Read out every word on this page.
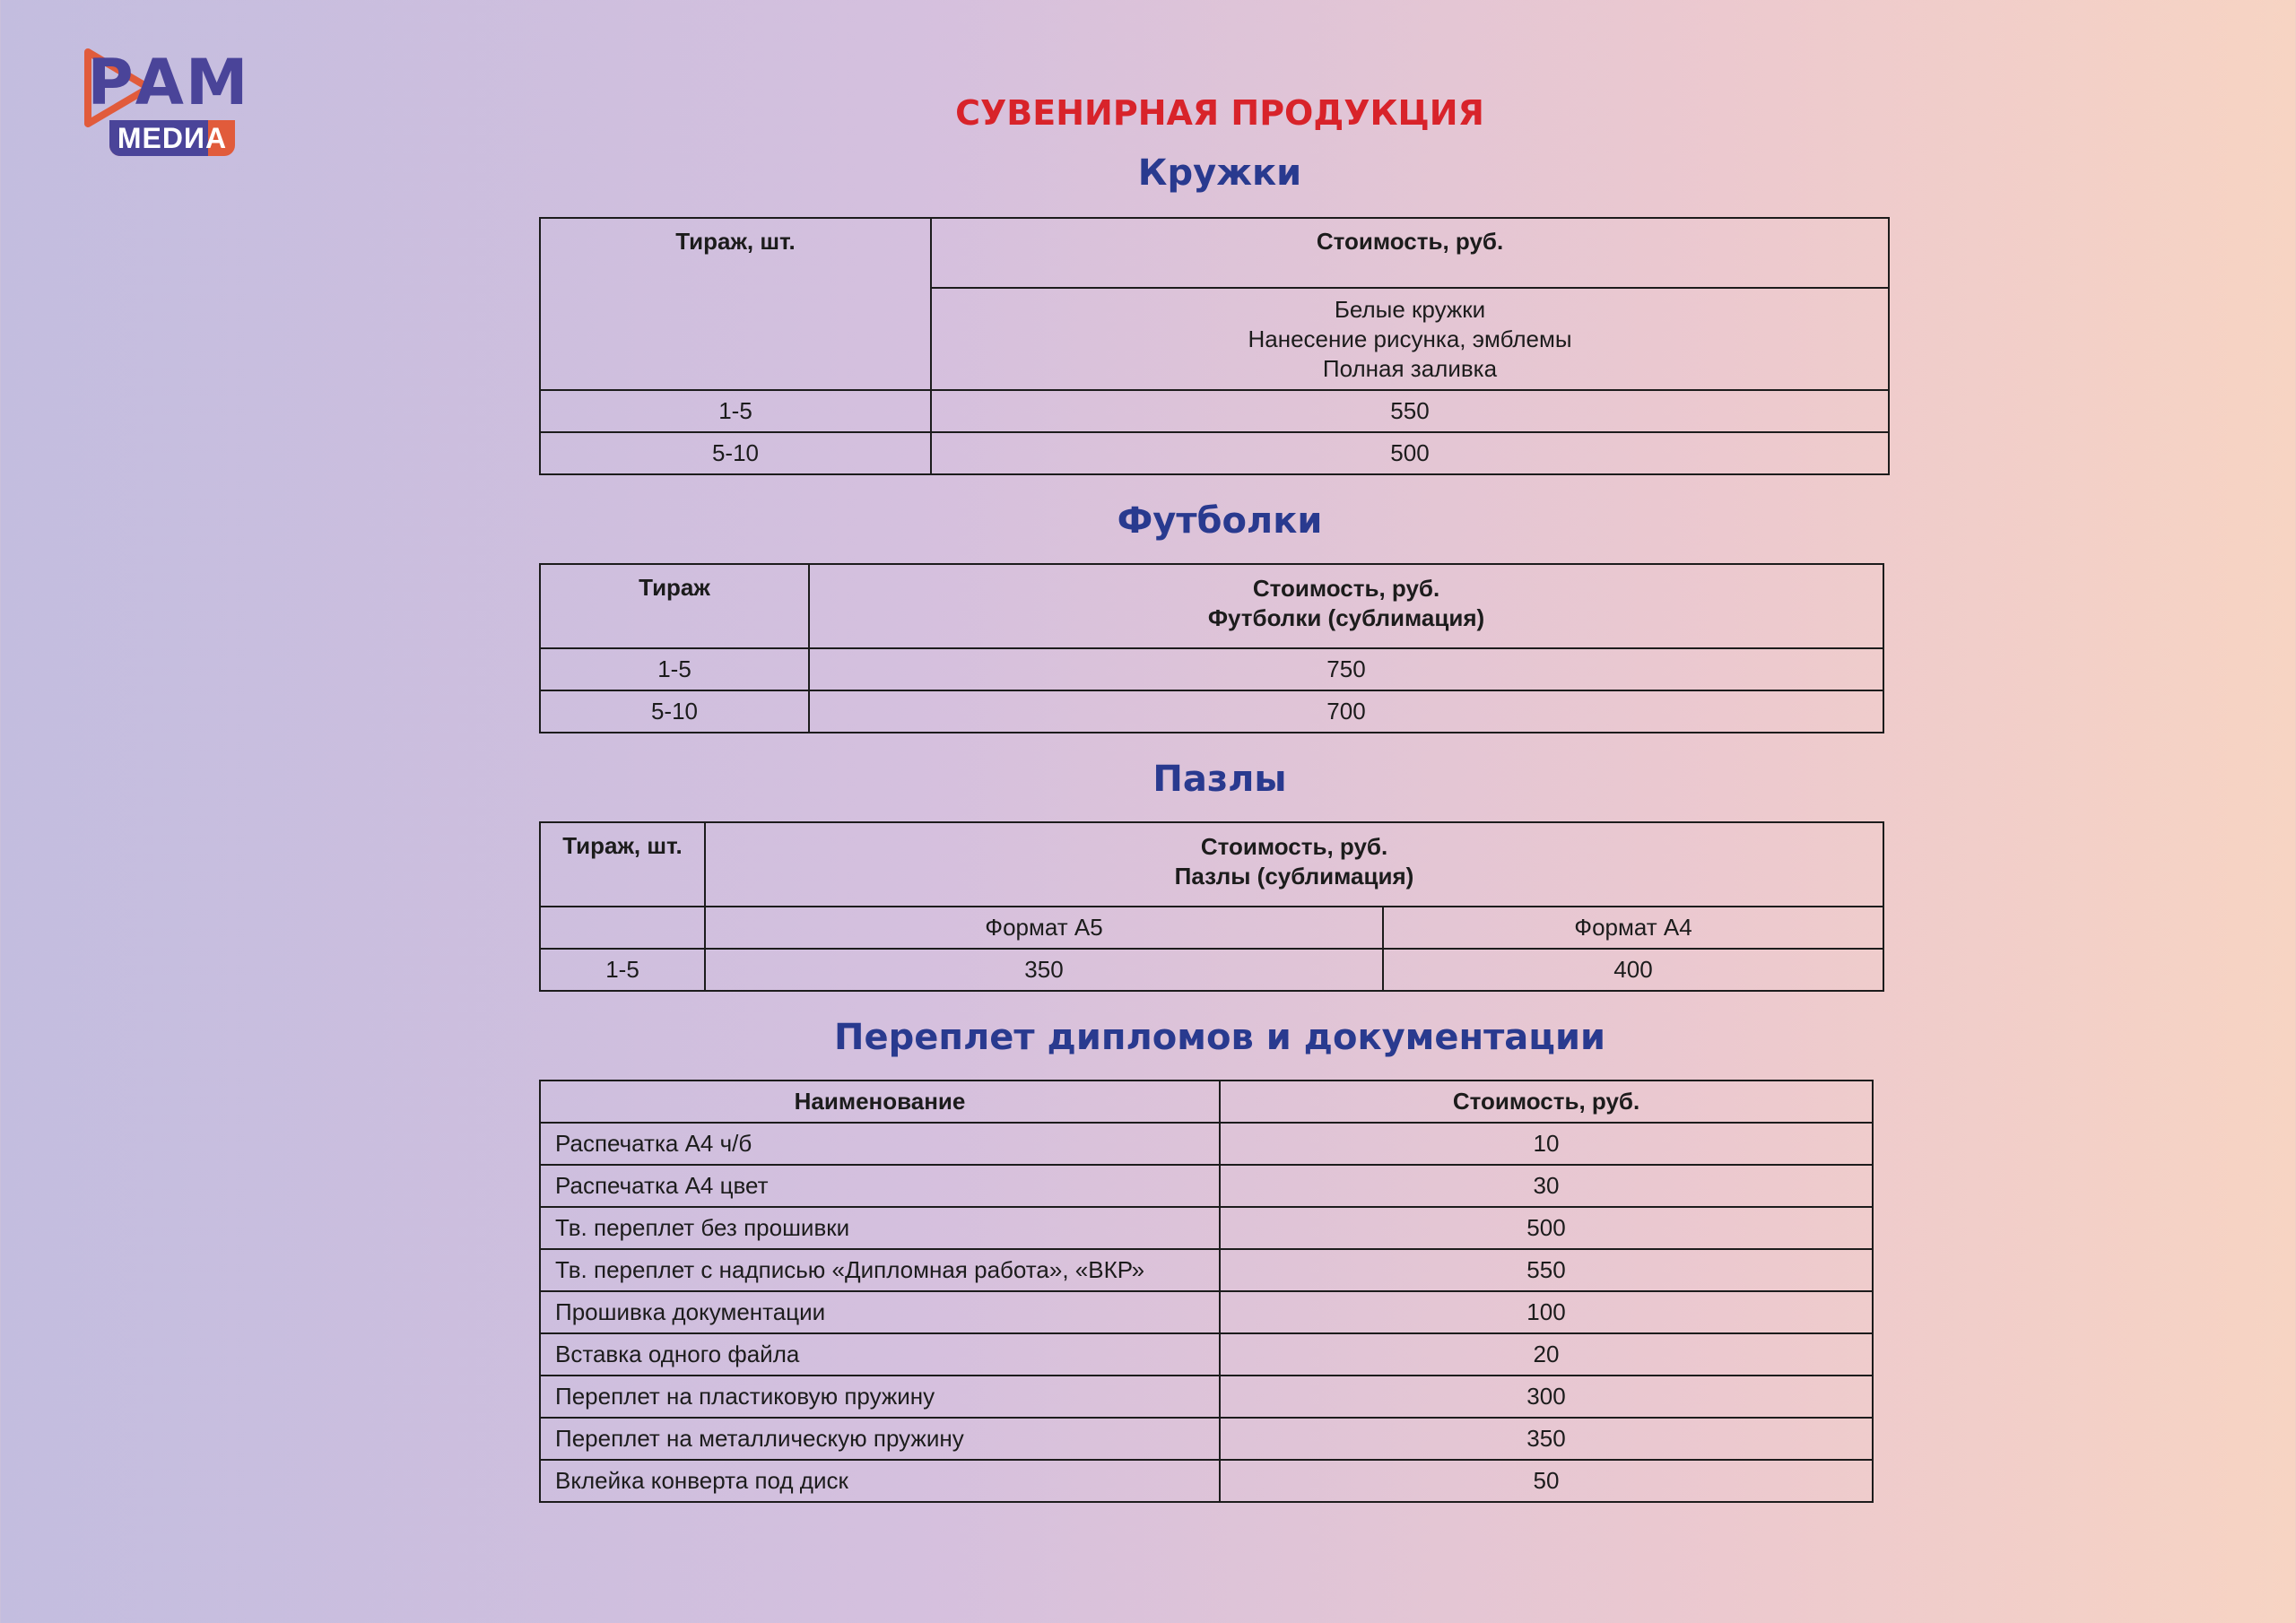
РАМ
MEDИA
СУВЕНИРНАЯ ПРОДУКЦИЯ
Кружки
Тираж, шт.	Стоимость, руб.

	Белые кружки
Нанесение рисунка, эмблемы
Полная заливка

1-5	550
5-10	500
Футболки
Тираж	Стоимость, руб.
Футболки (сублимация)

1-5	750
5-10	700
Пазлы
Тираж, шт.	Стоимость, руб.
Пазлы (сублимация)	

	Формат А5	Формат А4
1-5	350	400
Переплет дипломов и документации
Наименование	Стоимость, руб.
Распечатка А4 ч/б	10
Распечатка А4 цвет	30
Тв. переплет без прошивки	500
Тв. переплет с надписью «Дипломная работа», «ВКР»	550
Прошивка документации	100
Вставка одного файла	20
Переплет на пластиковую пружину	300
Переплет на металлическую пружину	350
Вклейка конверта под диск	50
